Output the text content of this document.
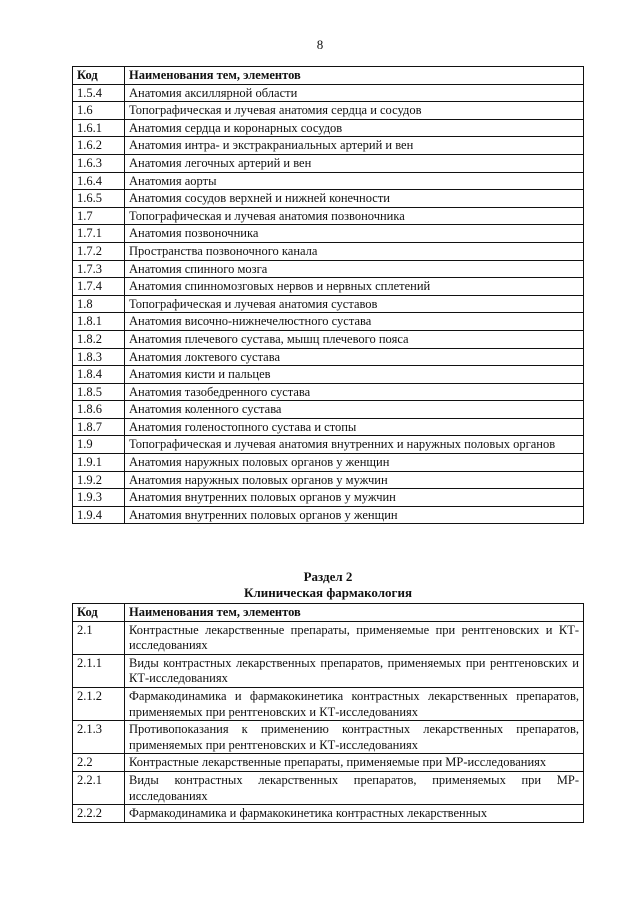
8
Код	Наименования тем, элементов
1.5.4	Анатомия аксиллярной области
1.6	Топографическая и лучевая анатомия сердца и сосудов
1.6.1	Анатомия сердца и коронарных сосудов
1.6.2	Анатомия интра- и экстракраниальных артерий и вен
1.6.3	Анатомия легочных артерий и вен
1.6.4	Анатомия аорты
1.6.5	Анатомия сосудов верхней и нижней конечности
1.7	Топографическая и лучевая анатомия позвоночника
1.7.1	Анатомия позвоночника
1.7.2	Пространства позвоночного канала
1.7.3	Анатомия спинного мозга
1.7.4	Анатомия спинномозговых нервов и нервных сплетений
1.8	Топографическая и лучевая анатомия суставов
1.8.1	Анатомия височно-нижнечелюстного сустава
1.8.2	Анатомия плечевого сустава, мышц плечевого пояса
1.8.3	Анатомия локтевого сустава
1.8.4	Анатомия кисти и пальцев
1.8.5	Анатомия тазобедренного сустава
1.8.6	Анатомия коленного сустава
1.8.7	Анатомия голеностопного сустава и стопы
1.9	Топографическая и лучевая анатомия внутренних и наружных половых органов
1.9.1	Анатомия наружных половых органов у женщин
1.9.2	Анатомия наружных половых органов у мужчин
1.9.3	Анатомия внутренних половых органов у мужчин
1.9.4	Анатомия внутренних половых органов у женщин
Раздел 2
Клиническая фармакология
Код	Наименования тем, элементов
2.1	Контрастные лекарственные препараты, применяемые при рентгеновских и КТ-исследованиях
2.1.1	Виды контрастных лекарственных препаратов, применяемых при рентгеновских и КТ-исследованиях
2.1.2	Фармакодинамика и фармакокинетика контрастных лекарственных препаратов, применяемых при рентгеновских и КТ-исследованиях
2.1.3	Противопоказания к применению контрастных лекарственных препаратов, применяемых при рентгеновских и КТ-исследованиях
2.2	Контрастные лекарственные препараты, применяемые при МР-исследованиях
2.2.1	Виды контрастных лекарственных препаратов, применяемых при МР-исследованиях
2.2.2	Фармакодинамика и фармакокинетика контрастных лекарственных
